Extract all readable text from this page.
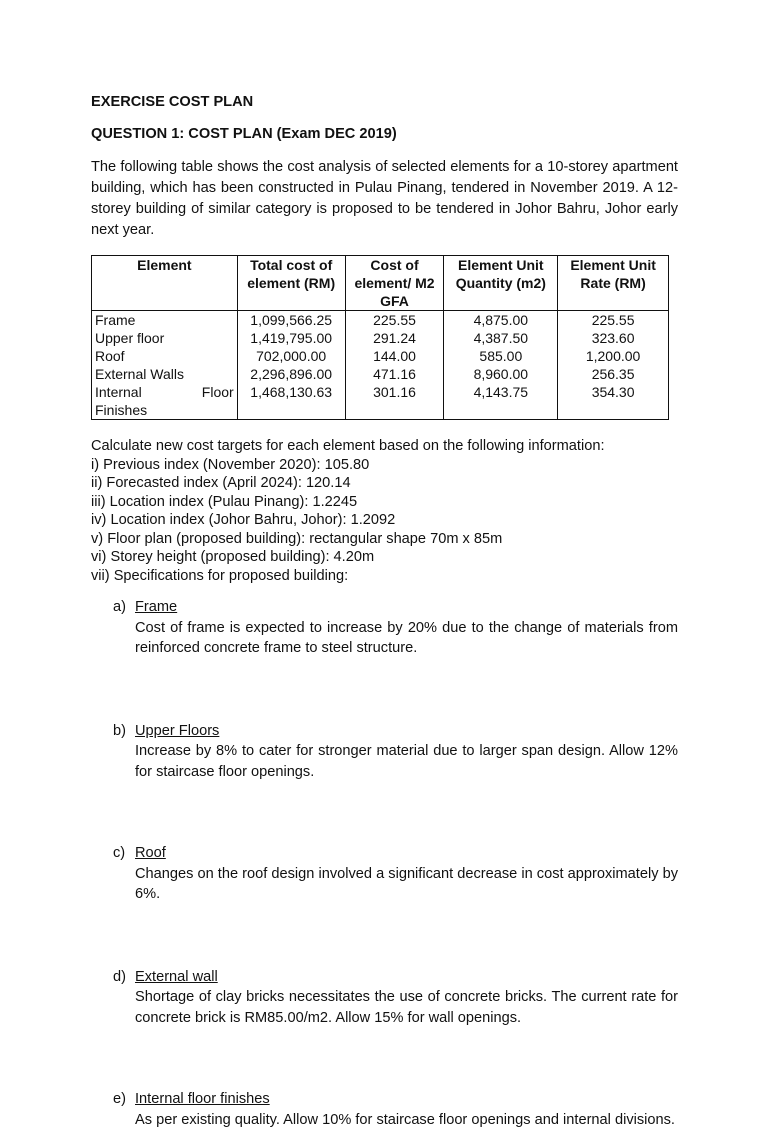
EXERCISE COST PLAN
QUESTION 1: COST PLAN (Exam DEC 2019)

The following table shows the cost analysis of selected elements for a 10-storey apartment building, which has been constructed in Pulau Pinang, tendered in November 2019. A 12- storey building of similar category is proposed to be tendered in Johor Bahru, Johor early next year.

Element	Total cost of element (RM)	Cost of element/ M2 GFA	Element Unit Quantity (m2)	Element Unit Rate (RM)
Frame	1,099,566.25	225.55	4,875.00	225.55
Upper floor	1,419,795.00	291.24	4,387.50	323.60
Roof	702,000.00	144.00	585.00	1,200.00
External Walls	2,296,896.00	471.16	8,960.00	256.35

Internal Floor
Finishes	1,468,130.63	301.16	4,143.75	354.30
Calculate new cost targets for each element based on the following information:
i) Previous index (November 2020): 105.80
ii) Forecasted index (April 2024): 120.14
iii) Location index (Pulau Pinang): 1.2245
iv) Location index (Johor Bahru, Johor): 1.2092
v) Floor plan (proposed building): rectangular shape 70m x 85m
vi) Storey height (proposed building): 4.20m
vii) Specifications for proposed building:
a) Frame
Cost of frame is expected to increase by 20% due to the change of materials from reinforced concrete frame to steel structure.
b) Upper Floors
Increase by 8% to cater for stronger material due to larger span design. Allow 12% for staircase floor openings.
c) Roof
Changes on the roof design involved a significant decrease in cost approximately by 6%.
d) External wall
Shortage of clay bricks necessitates the use of concrete bricks. The current rate for concrete brick is RM85.00/m2. Allow 15% for wall openings.
e) Internal floor finishes
As per existing quality. Allow 10% for staircase floor openings and internal divisions.
